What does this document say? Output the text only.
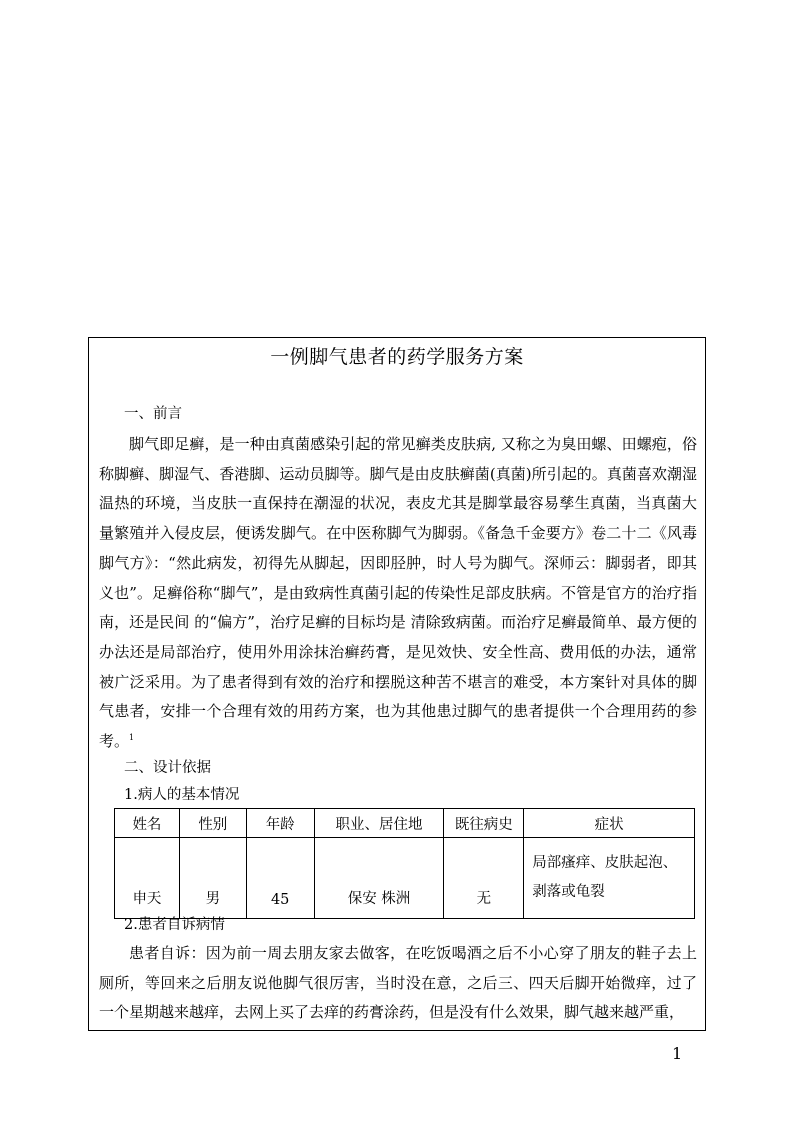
一例脚气患者的药学服务方案
一、前言

脚气即足癣，是一种由真菌感染引起的常见癣类皮肤病, 又称之为臭田螺、田螺疱，俗称脚癣、脚湿气、香港脚、运动员脚等。脚气是由皮肤癣菌(真菌)所引起的。真菌喜欢潮湿温热的环境，当皮肤一直保持在潮湿的状况，表皮尤其是脚掌最容易孳生真菌，当真菌大量繁殖并入侵皮层，便诱发脚气。在中医称脚气为脚弱。《备急千金要方》卷二十二《风毒脚气方》：“然此病发，初得先从脚起，因即胫肿，时人号为脚气。深师云：脚弱者，即其义也”。足癣俗称“脚气”，是由致病性真菌引起的传染性足部皮肤病。不管是官方的治疗指南，还是民间 的“偏方”，治疗足癣的目标均是 清除致病菌。而治疗足癣最简单、最方便的办法还是局部治疗，使用外用涂抹治癣药膏，是见效快、安全性高、费用低的办法，通常被广泛采用。为了患者得到有效的治疗和摆脱这种苦不堪言的难受，本方案针对具体的脚气患者，安排一个合理有效的用药方案，也为其他患过脚气的患者提供一个合理用药的参考。$^1$

二、设计依据
1.病人的基本情况
姓名	性别	年龄	职业、居住地	既往病史	症状
申天	男	45	保安 株洲	无	局部瘙痒、皮肤起泡、剥落或龟裂
2.患者自诉病情

患者自诉：因为前一周去朋友家去做客，在吃饭喝酒之后不小心穿了朋友的鞋子去上厕所，等回来之后朋友说他脚气很厉害，当时没在意，之后三、四天后脚开始微痒，过了一个星期越来越痒，去网上买了去痒的药膏涂药，但是没有什么效果，脚气越来越严重，

1
